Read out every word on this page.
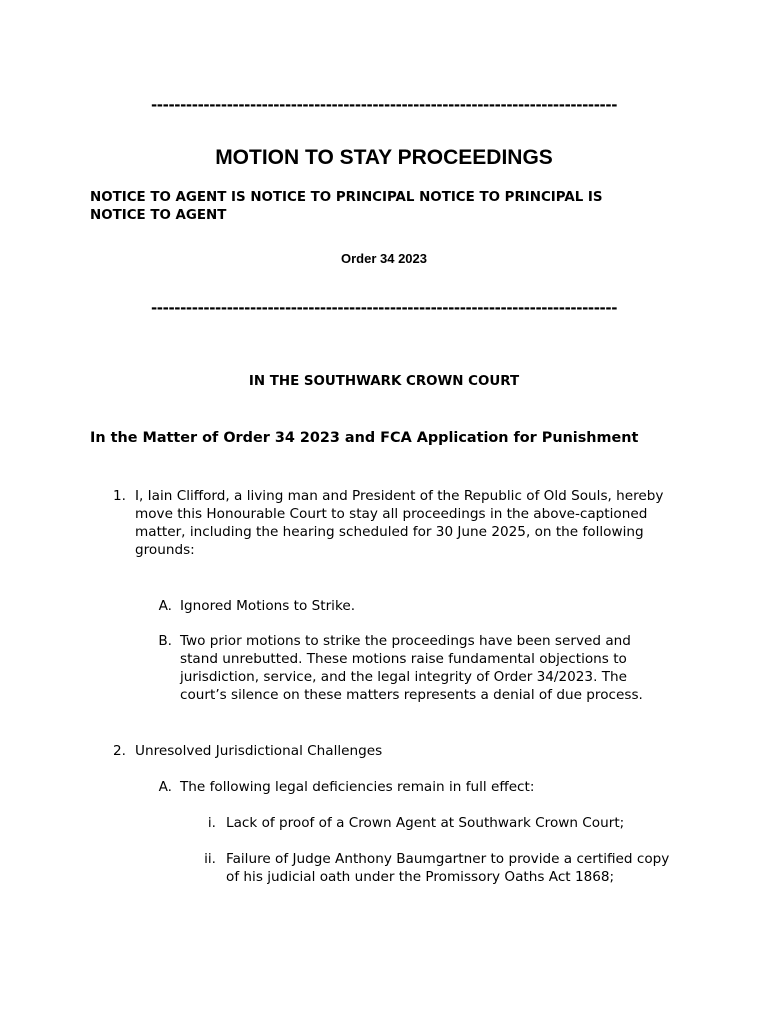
--------------------------------------------------------------------------------
MOTION TO STAY PROCEEDINGS
NOTICE TO AGENT IS NOTICE TO PRINCIPAL NOTICE TO PRINCIPAL IS NOTICE TO AGENT
Order 34 2023
--------------------------------------------------------------------------------
IN THE SOUTHWARK CROWN COURT
In the Matter of Order 34 2023 and FCA Application for Punishment
1. I, Iain Clifford, a living man and President of the Republic of Old Souls, hereby move this Honourable Court to stay all proceedings in the above-captioned matter, including the hearing scheduled for 30 June 2025, on the following grounds:
A. Ignored Motions to Strike.
B. Two prior motions to strike the proceedings have been served and stand unrebutted. These motions raise fundamental objections to jurisdiction, service, and the legal integrity of Order 34/2023. The court’s silence on these matters represents a denial of due process.
2. Unresolved Jurisdictional Challenges
A. The following legal deficiencies remain in full effect:
i. Lack of proof of a Crown Agent at Southwark Crown Court;
ii. Failure of Judge Anthony Baumgartner to provide a certified copy of his judicial oath under the Promissory Oaths Act 1868;
